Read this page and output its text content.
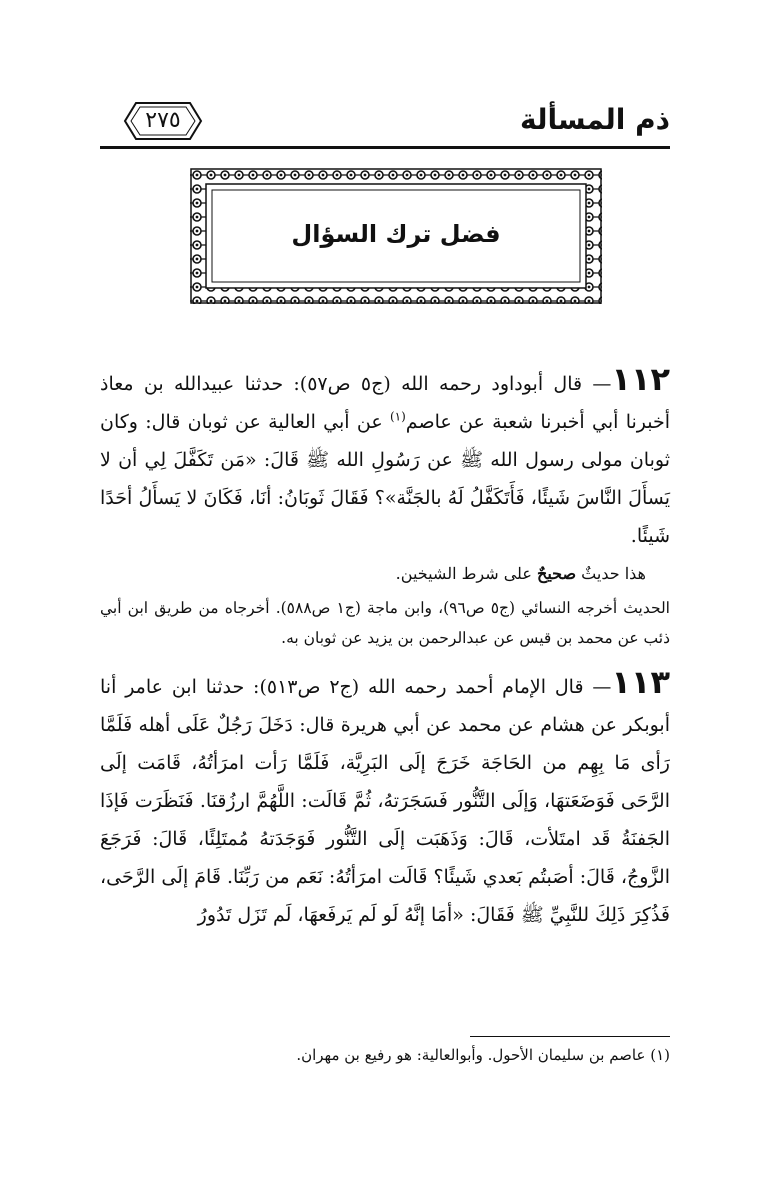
ذم المسألة
٢٧٥
فضل ترك السؤال

١١٢— قال أبوداود رحمه الله (ج٥ ص٥٧): حدثنا عبيدالله بن معاذ أخبرنا أبي أخبرنا شعبة عن عاصم$^{(١)}$ عن أبي العالية عن ثوبان قال: وكان ثوبان مولى رسول الله ﷺ عن رَسُولِ الله ﷺ قَالَ: «مَن تَكَفَّلَ لِي أن لا يَسأَلَ النَّاسَ شَيئًا، فَأَتَكَفَّلُ لَهُ بالجَنَّة»؟ فَقَالَ ثَوبَانُ: أنَا، فَكَانَ لا يَسأَلُ أحَدًا شَيئًا.

هذا حديثٌ صحيحٌ على شرط الشيخين.

الحديث أخرجه النسائي (ج٥ ص٩٦)، وابن ماجة (ج١ ص٥٨٨). أخرجاه من طريق ابن أبي ذئب عن محمد بن قيس عن عبدالرحمن بن يزيد عن ثوبان به.

١١٣— قال الإمام أحمد رحمه الله (ج٢ ص٥١٣): حدثنا ابن عامر أنا أبوبكر عن هشام عن محمد عن أبي هريرة قال: دَخَلَ رَجُلٌ عَلَى أهله فَلَمَّا رَأى مَا بِهِم من الحَاجَة خَرَجَ إلَى البَرِيَّة، فَلَمَّا رَأت امرَأتُهُ، قَامَت إلَى الرَّحَى فَوَضَعَتهَا، وَإلَى التَّنُّور فَسَجَرَتهُ، ثُمَّ قَالَت: اللَّهُمَّ ارزُقنَا. فَنَظَرَت فَإذَا الجَفنَةُ قَد امتَلأت، قَالَ: وَذَهَبَت إلَى التَّنُّور فَوَجَدَتهُ مُمتَلِئًا، قَالَ: فَرَجَعَ الزَّوجُ، قَالَ: أصَبتُم بَعدي شَيئًا؟ قَالَت امرَأتُهُ: نَعَم من رَبِّنَا. قَامَ إلَى الرَّحَى، فَذُكِرَ ذَلِكَ للنَّبِيِّ ﷺ فَقَالَ: «أمَا إنَّهُ لَو لَم يَرفَعهَا، لَم تَزَل تَدُورُ

(١) عاصم بن سليمان الأحول. وأبوالعالية: هو رفيع بن مهران.
